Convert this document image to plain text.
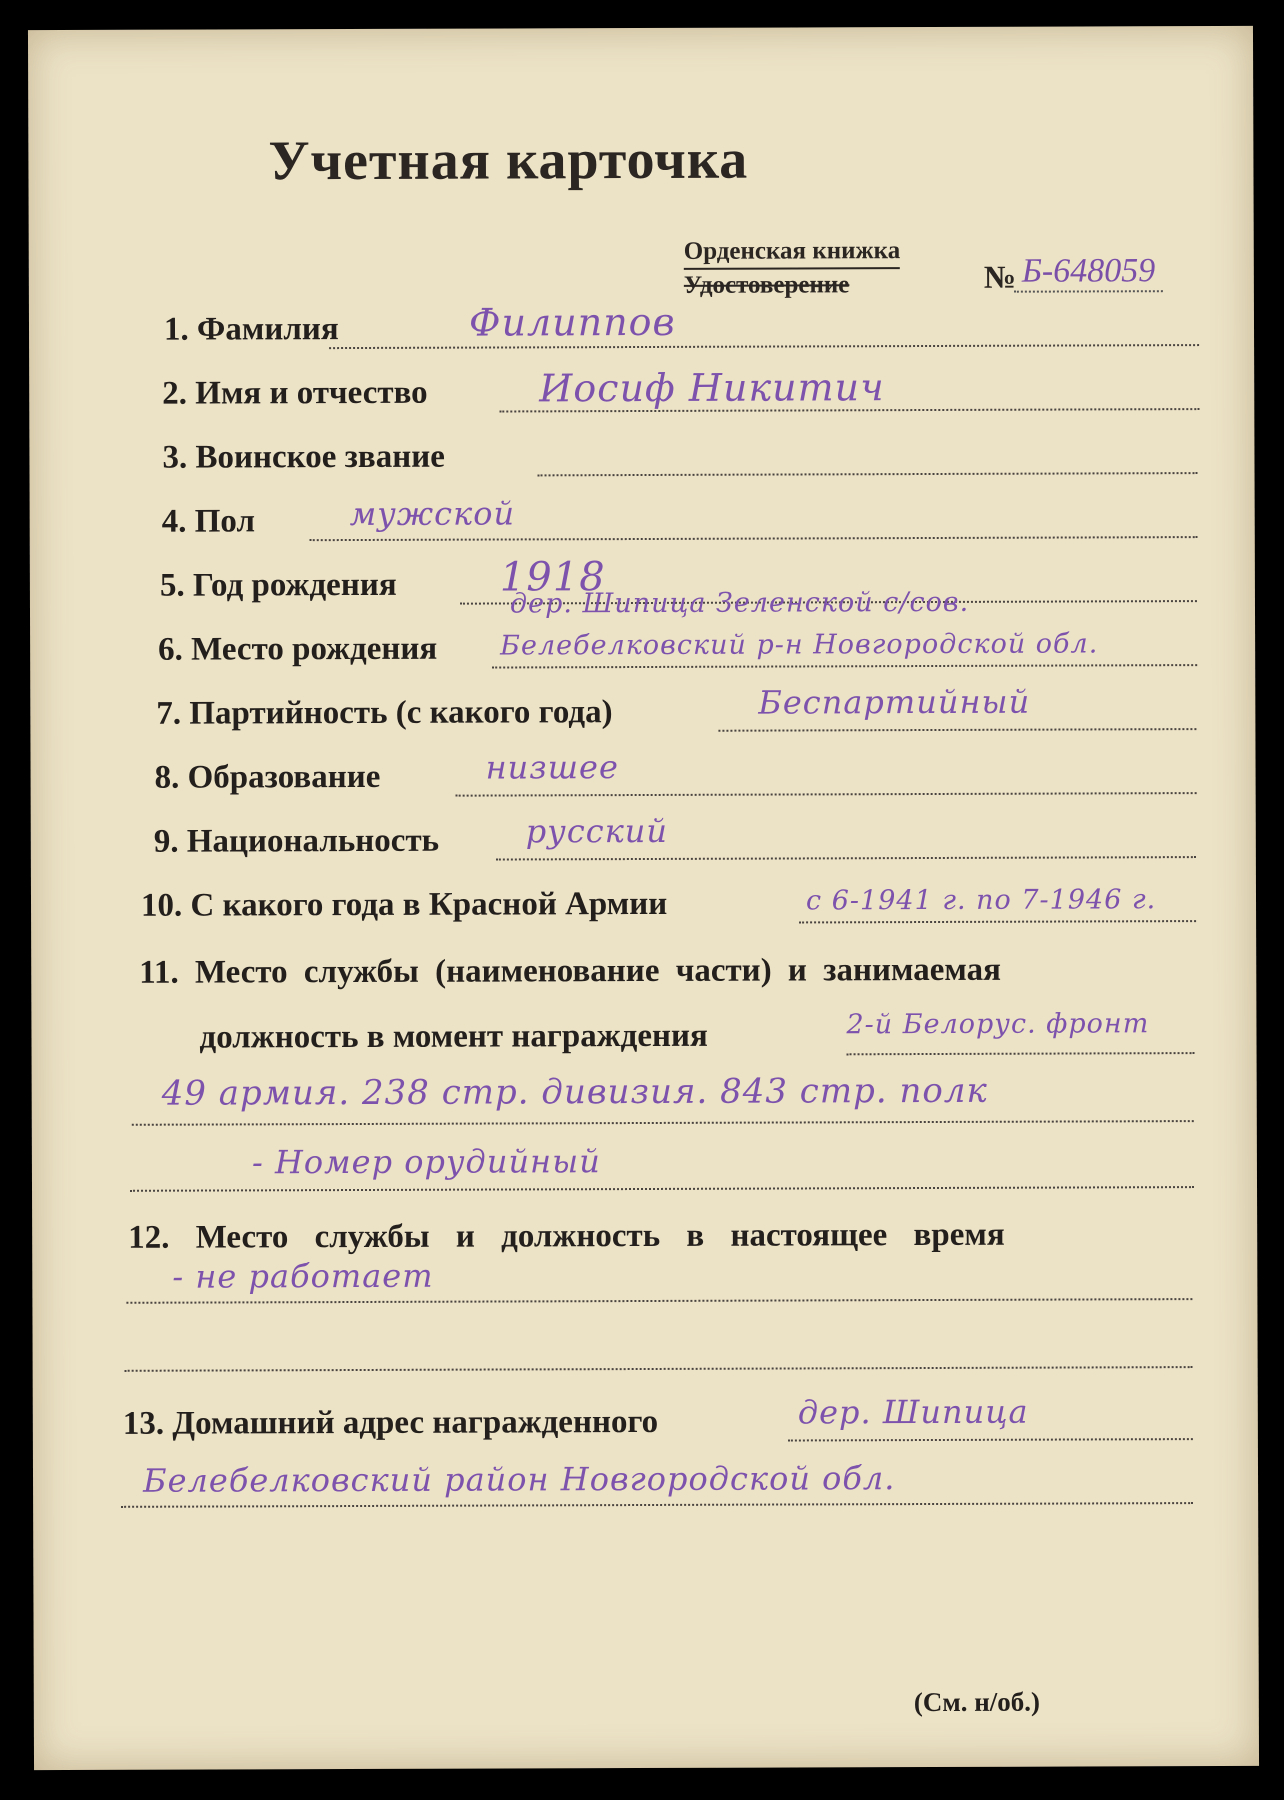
Учетная карточка
Орденская книжка
Удостоверение	№ Б-648059
1. Фамилия	Филиппов
2. Имя и отчество	Иосиф Никитич
3. Воинское звание
4. Пол	мужской
5. Год рождения	1918
6. Место рождения
дер. Шипица Зеленской с/сов.
Белебелковский р-н Новгородской обл.
7. Партийность (с какого года)	Беспартийный
8. Образование	низшее
9. Национальность	русский
10. С какого года в Красной Армии	с 6-1941 г. по 7-1946 г.
11. Место службы (наименование части) и занимаемая
должность в момент награждения	2-й Белорус. фронт
49 армия. 238 стр. дивизия. 843 стр. полк
- Номер орудийный
12. Место службы и должность в настоящее время
- не работает
13. Домашний адрес награжденного	дер. Шипица
Белебелковский район Новгородской обл.
(См. н/об.)
